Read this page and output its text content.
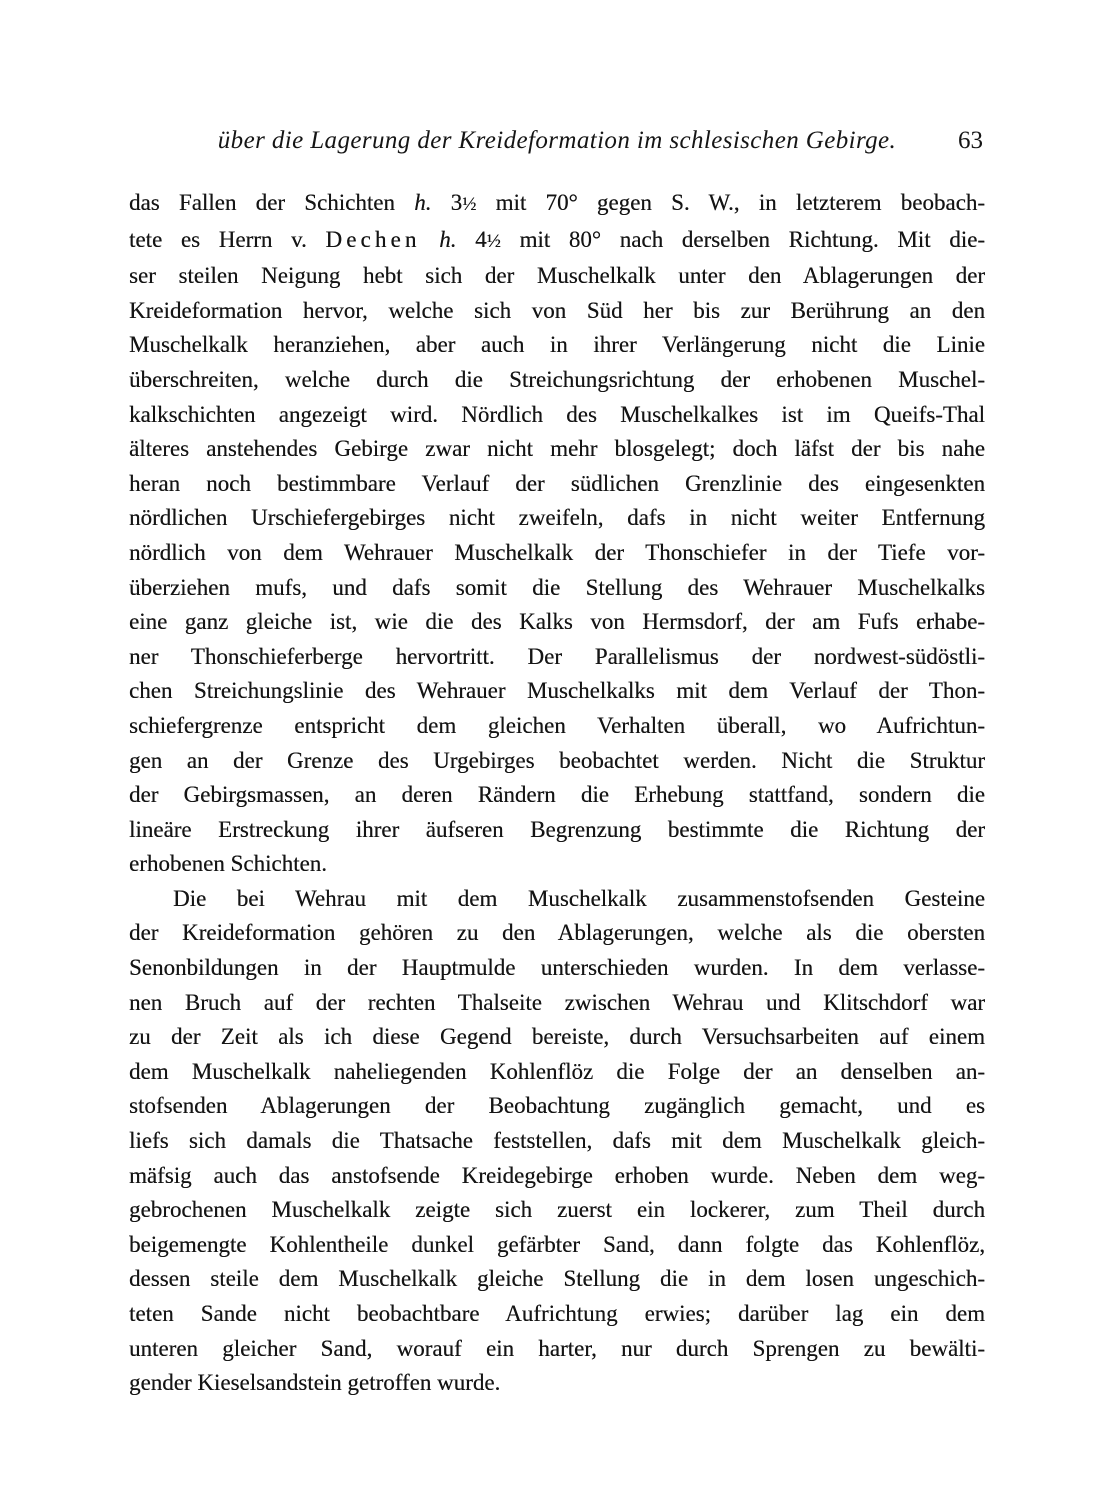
über die Lagerung der Kreideformation im schlesischen Gebirge. 63
das Fallen der Schichten h. 3½ mit 70° gegen S. W., in letzterem beobach-
tete es Herrn v. Dechen h. 4½ mit 80° nach derselben Richtung. Mit die-
ser steilen Neigung hebt sich der Muschelkalk unter den Ablagerungen der
Kreideformation hervor, welche sich von Süd her bis zur Berührung an den
Muschelkalk heranziehen, aber auch in ihrer Verlängerung nicht die Linie
überschreiten, welche durch die Streichungsrichtung der erhobenen Muschel-
kalkschichten angezeigt wird. Nördlich des Muschelkalkes ist im Queifs-Thal
älteres anstehendes Gebirge zwar nicht mehr blosgelegt; doch läfst der bis nahe
heran noch bestimmbare Verlauf der südlichen Grenzlinie des eingesenkten
nördlichen Urschiefergebirges nicht zweifeln, dafs in nicht weiter Entfernung
nördlich von dem Wehrauer Muschelkalk der Thonschiefer in der Tiefe vor-
überziehen mufs, und dafs somit die Stellung des Wehrauer Muschelkalks
eine ganz gleiche ist, wie die des Kalks von Hermsdorf, der am Fufs erhabe-
ner Thonschieferberge hervortritt. Der Parallelismus der nordwest-südöstli-
chen Streichungslinie des Wehrauer Muschelkalks mit dem Verlauf der Thon-
schiefergrenze entspricht dem gleichen Verhalten überall, wo Aufrichtun-
gen an der Grenze des Urgebirges beobachtet werden. Nicht die Struktur
der Gebirgsmassen, an deren Rändern die Erhebung stattfand, sondern die
lineäre Erstreckung ihrer äufseren Begrenzung bestimmte die Richtung der
erhobenen Schichten.
Die bei Wehrau mit dem Muschelkalk zusammenstofsenden Gesteine
der Kreideformation gehören zu den Ablagerungen, welche als die obersten
Senonbildungen in der Hauptmulde unterschieden wurden. In dem verlasse-
nen Bruch auf der rechten Thalseite zwischen Wehrau und Klitschdorf war
zu der Zeit als ich diese Gegend bereiste, durch Versuchsarbeiten auf einem
dem Muschelkalk naheliegenden Kohlenflöz die Folge der an denselben an-
stofsenden Ablagerungen der Beobachtung zugänglich gemacht, und es
liefs sich damals die Thatsache feststellen, dafs mit dem Muschelkalk gleich-
mäfsig auch das anstofsende Kreidegebirge erhoben wurde. Neben dem weg-
gebrochenen Muschelkalk zeigte sich zuerst ein lockerer, zum Theil durch
beigemengte Kohlentheile dunkel gefärbter Sand, dann folgte das Kohlenflöz,
dessen steile dem Muschelkalk gleiche Stellung die in dem losen ungeschich-
teten Sande nicht beobachtbare Aufrichtung erwies; darüber lag ein dem
unteren gleicher Sand, worauf ein harter, nur durch Sprengen zu bewälti-
gender Kieselsandstein getroffen wurde.
